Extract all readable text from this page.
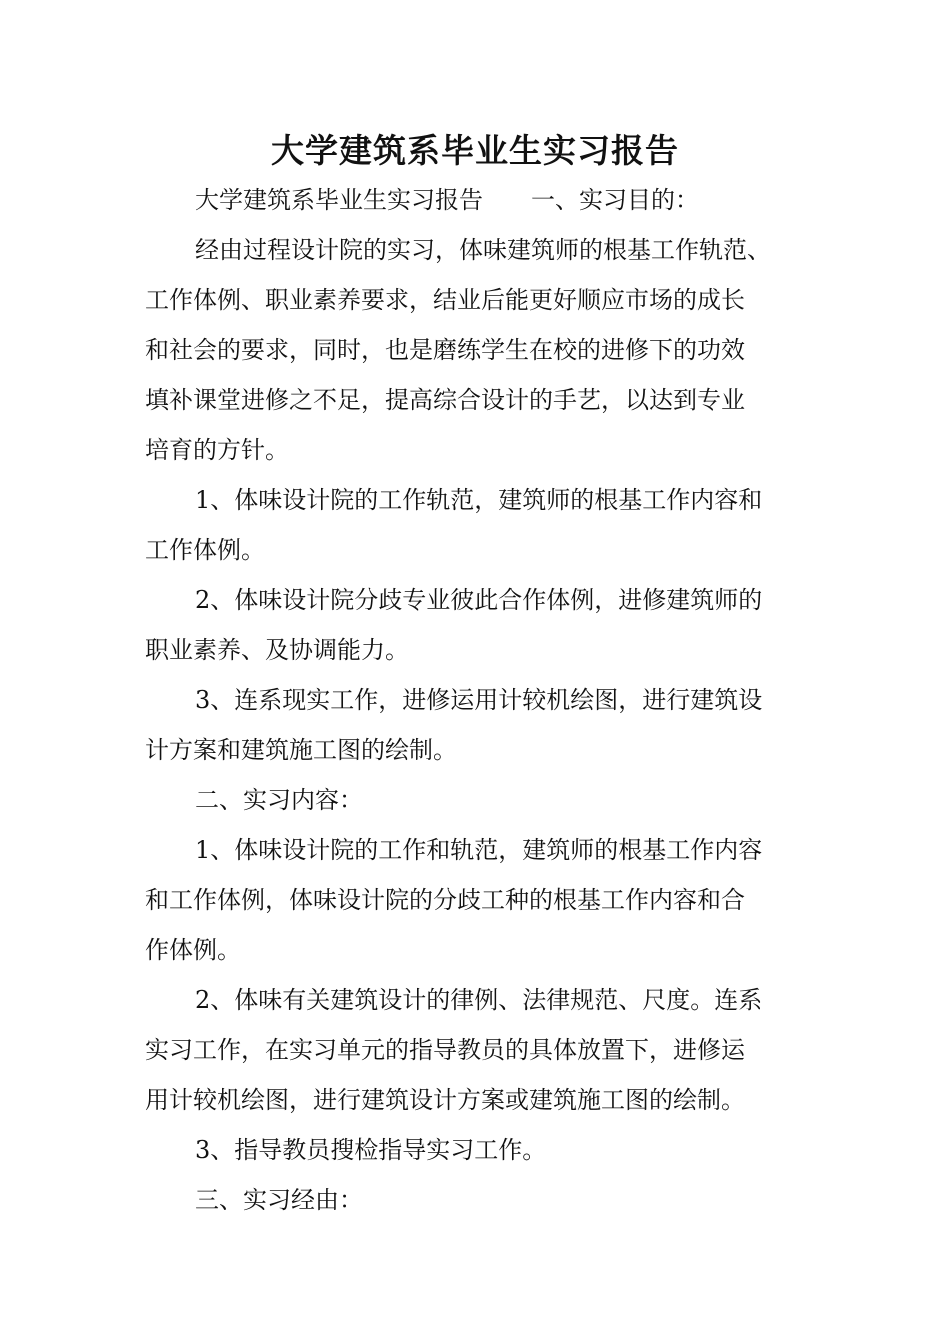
大学建筑系毕业生实习报告

大学建筑系毕业生实习报告 一、实习目的：

经由过程设计院的实习，体味建筑师的根基工作轨范、

工作体例、职业素养要求，结业后能更好顺应市场的成长

和社会的要求，同时，也是磨练学生在校的进修下的功效

填补课堂进修之不足，提高综合设计的手艺，以达到专业

培育的方针。

1、体味设计院的工作轨范，建筑师的根基工作内容和

工作体例。

2、体味设计院分歧专业彼此合作体例，进修建筑师的

职业素养、及协调能力。

3、连系现实工作，进修运用计较机绘图，进行建筑设

计方案和建筑施工图的绘制。

二、实习内容：

1、体味设计院的工作和轨范，建筑师的根基工作内容

和工作体例，体味设计院的分歧工种的根基工作内容和合

作体例。

2、体味有关建筑设计的律例、法律规范、尺度。连系

实习工作，在实习单元的指导教员的具体放置下，进修运

用计较机绘图，进行建筑设计方案或建筑施工图的绘制。

3、指导教员搜检指导实习工作。

三、实习经由：
